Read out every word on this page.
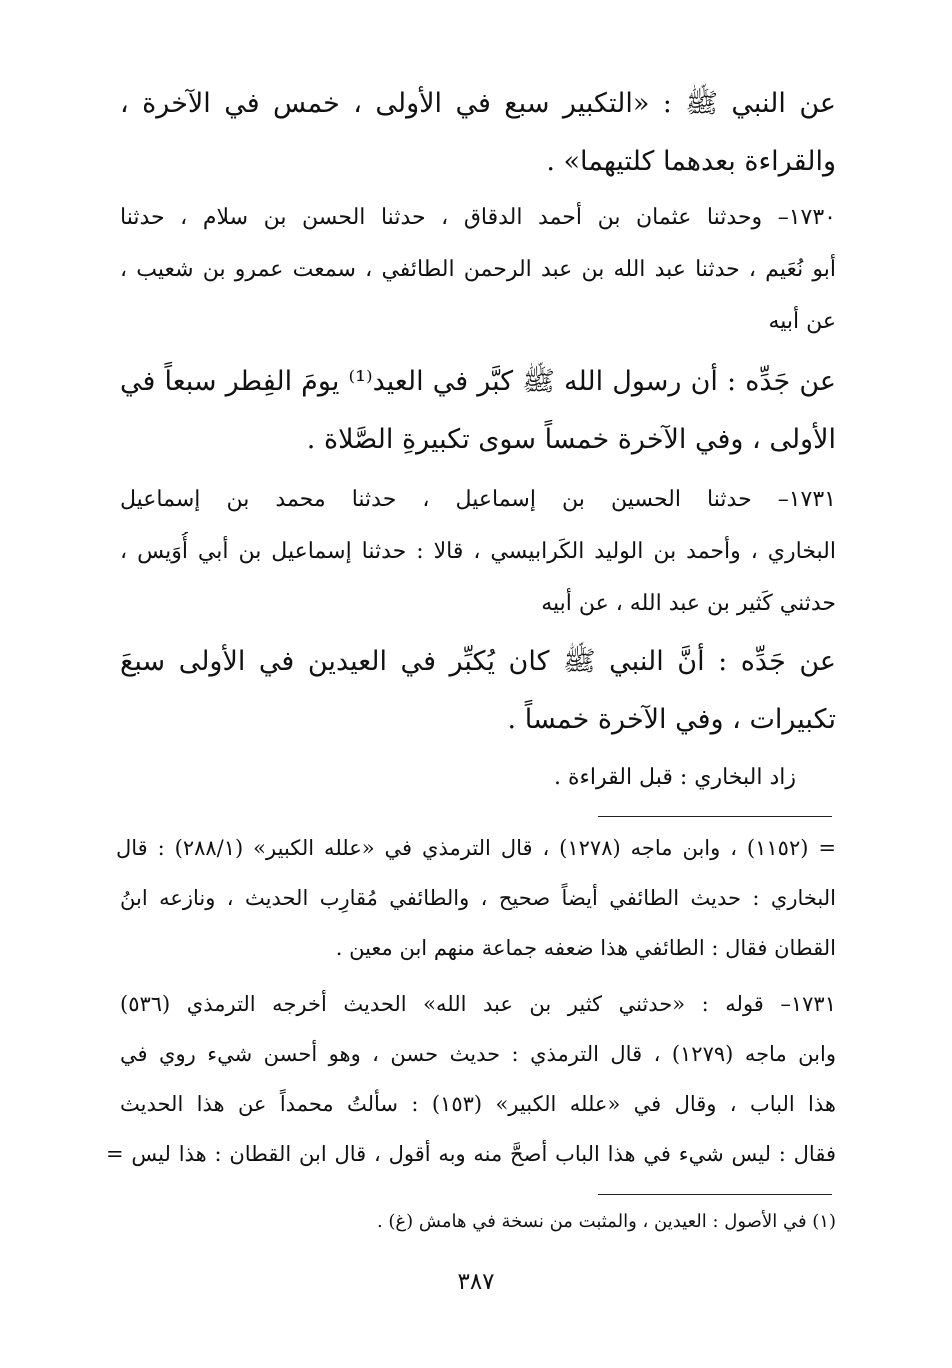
عن النبي ﷺ : «التكبير سبع في الأولى ، خمس في الآخرة ،
والقراءة بعدهما كلتيهما» .
١٧٣٠– وحدثنا عثمان بن أحمد الدقاق ، حدثنا الحسن بن سلام ، حدثنا
أبو نُعَيم ، حدثنا عبد الله بن عبد الرحمن الطائفي ، سمعت عمرو بن شعيب ،
عن أبيه
عن جَدِّه : أن رسول الله ﷺ كبَّر في العيد⁽¹⁾ يومَ الفِطر سبعاً في
الأولى ، وفي الآخرة خمساً سوى تكبيرةِ الصَّلاة .
١٧٣١– حدثنا الحسين بن إسماعيل ، حدثنا محمد بن إسماعيل
البخاري ، وأحمد بن الوليد الكَرابيسي ، قالا : حدثنا إسماعيل بن أبي أُوَيس ،
حدثني كَثير بن عبد الله ، عن أبيه
عن جَدِّه : أنَّ النبي ﷺ كان يُكبِّر في العيدين في الأولى سبعَ
تكبيرات ، وفي الآخرة خمساً .
زاد البخاري : قبل القراءة .
= (١١٥٢) ، وابن ماجه (١٢٧٨) ، قال الترمذي في «علله الكبير» (٢٨٨/١) : قال
البخاري : حديث الطائفي أيضاً صحيح ، والطائفي مُقارِب الحديث ، ونازعه ابنُ
القطان فقال : الطائفي هذا ضعفه جماعة منهم ابن معين .
١٧٣١– قوله : «حدثني كثير بن عبد الله» الحديث أخرجه الترمذي (٥٣٦)
وابن ماجه (١٢٧٩) ، قال الترمذي : حديث حسن ، وهو أحسن شيء روي في
هذا الباب ، وقال في «علله الكبير» (١٥٣) : سألتُ محمداً عن هذا الحديث
فقال : ليس شيء في هذا الباب أصحَّ منه وبه أقول ، قال ابن القطان : هذا ليس =
(١) في الأصول : العيدين ، والمثبت من نسخة في هامش (غ) .
٣٨٧
